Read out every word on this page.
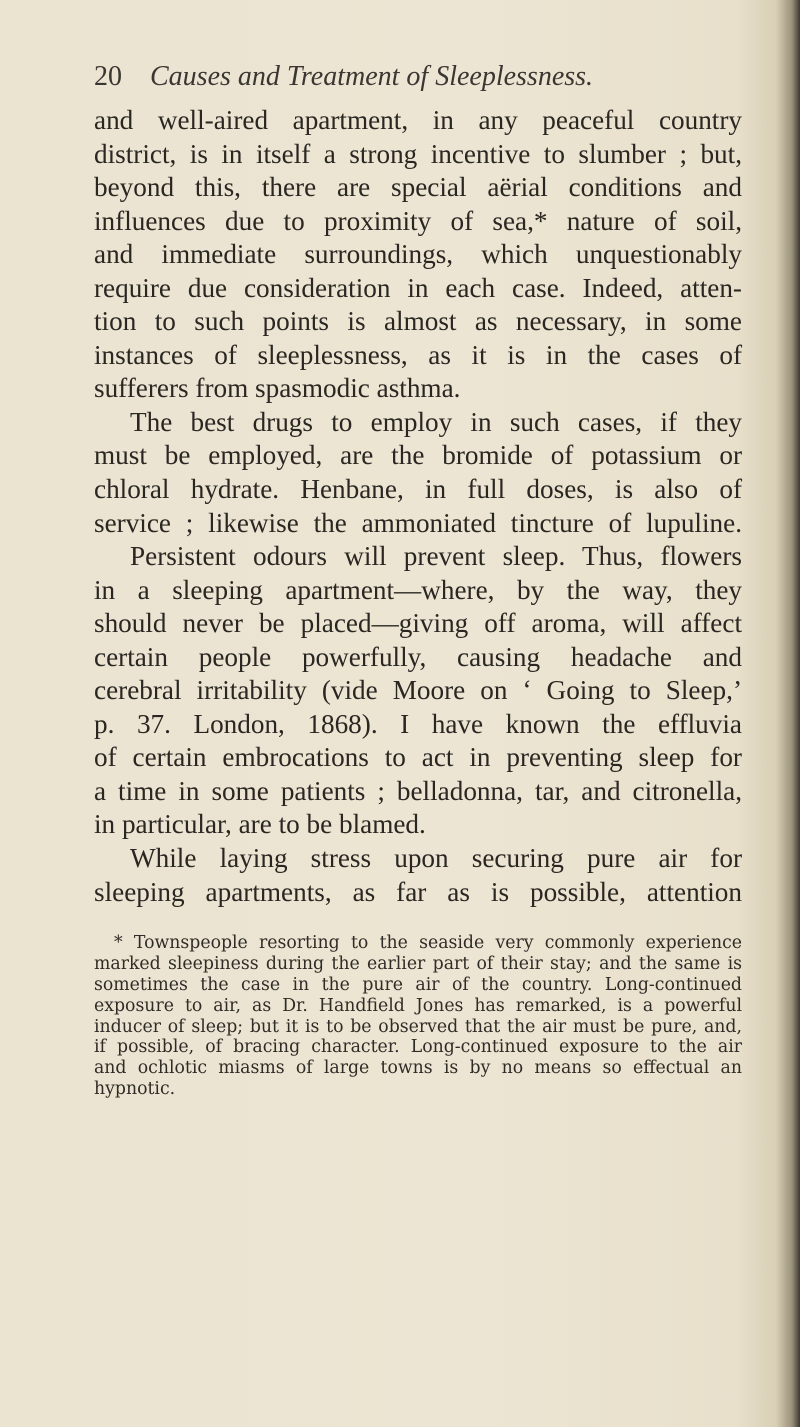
20 Causes and Treatment of Sleeplessness.
and well-aired apartment, in any peaceful country
district, is in itself a strong incentive to slumber ; but,
beyond this, there are special aërial conditions and
influences due to proximity of sea,* nature of soil,
and immediate surroundings, which unquestionably
require due consideration in each case. Indeed, atten-
tion to such points is almost as necessary, in some
instances of sleeplessness, as it is in the cases of
sufferers from spasmodic asthma.
The best drugs to employ in such cases, if they
must be employed, are the bromide of potassium or
chloral hydrate. Henbane, in full doses, is also of
service ; likewise the ammoniated tincture of lupuline.
Persistent odours will prevent sleep. Thus, flowers
in a sleeping apartment—where, by the way, they
should never be placed—giving off aroma, will affect
certain people powerfully, causing headache and
cerebral irritability (vide Moore on ‘ Going to Sleep,’
p. 37. London, 1868). I have known the effluvia
of certain embrocations to act in preventing sleep for
a time in some patients ; belladonna, tar, and citronella,
in particular, are to be blamed.
While laying stress upon securing pure air for
sleeping apartments, as far as is possible, attention
* Townspeople resorting to the seaside very commonly experience
marked sleepiness during the earlier part of their stay; and the same is
sometimes the case in the pure air of the country. Long-continued
exposure to air, as Dr. Handfield Jones has remarked, is a powerful
inducer of sleep; but it is to be observed that the air must be pure, and,
if possible, of bracing character. Long-continued exposure to the air
and ochlotic miasms of large towns is by no means so effectual an
hypnotic.
